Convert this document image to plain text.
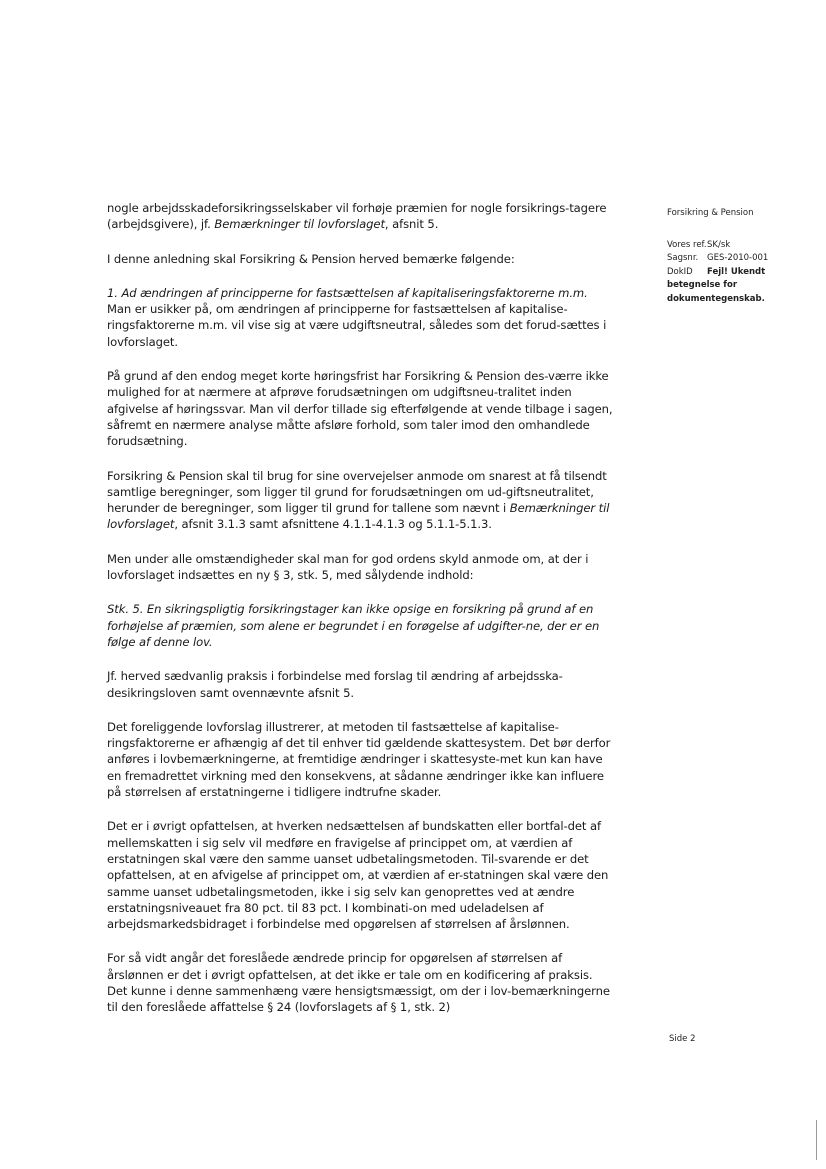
nogle arbejdsskadeforsikringsselskaber vil forhøje præmien for nogle forsikrings-tagere (arbejdsgivere), jf. Bemærkninger til lovforslaget, afsnit 5.

I denne anledning skal Forsikring & Pension herved bemærke følgende:

1. Ad ændringen af principperne for fastsættelsen af kapitaliseringsfaktorerne m.m.

Man er usikker på, om ændringen af principperne for fastsættelsen af kapitalise-ringsfaktorerne m.m. vil vise sig at være udgiftsneutral, således som det forud-sættes i lovforslaget.

På grund af den endog meget korte høringsfrist har Forsikring & Pension des-værre ikke mulighed for at nærmere at afprøve forudsætningen om udgiftsneu-tralitet inden afgivelse af høringssvar. Man vil derfor tillade sig efterfølgende at vende tilbage i sagen, såfremt en nærmere analyse måtte afsløre forhold, som taler imod den omhandlede forudsætning.

Forsikring & Pension skal til brug for sine overvejelser anmode om snarest at få tilsendt samtlige beregninger, som ligger til grund for forudsætningen om ud-giftsneutralitet, herunder de beregninger, som ligger til grund for tallene som nævnt i Bemærkninger til lovforslaget, afsnit 3.1.3 samt afsnittene 4.1.1-4.1.3 og 5.1.1-5.1.3.

Men under alle omstændigheder skal man for god ordens skyld anmode om, at der i lovforslaget indsættes en ny § 3, stk. 5, med sålydende indhold:

Stk. 5. En sikringspligtig forsikringstager kan ikke opsige en forsikring på grund af en forhøjelse af præmien, som alene er begrundet i en forøgelse af udgifter-ne, der er en følge af denne lov.

Jf. herved sædvanlig praksis i forbindelse med forslag til ændring af arbejdsska-desikringsloven samt ovennævnte afsnit 5.

Det foreliggende lovforslag illustrerer, at metoden til fastsættelse af kapitalise-ringsfaktorerne er afhængig af det til enhver tid gældende skattesystem. Det bør derfor anføres i lovbemærkningerne, at fremtidige ændringer i skattesyste-met kun kan have en fremadrettet virkning med den konsekvens, at sådanne ændringer ikke kan influere på størrelsen af erstatningerne i tidligere indtrufne skader.

Det er i øvrigt opfattelsen, at hverken nedsættelsen af bundskatten eller bortfal-det af mellemskatten i sig selv vil medføre en fravigelse af princippet om, at værdien af erstatningen skal være den samme uanset udbetalingsmetoden. Til-svarende er det opfattelsen, at en afvigelse af princippet om, at værdien af er-statningen skal være den samme uanset udbetalingsmetoden, ikke i sig selv kan genoprettes ved at ændre erstatningsniveauet fra 80 pct. til 83 pct. I kombinati-on med udeladelsen af arbejdsmarkedsbidraget i forbindelse med opgørelsen af størrelsen af årslønnen.

For så vidt angår det foreslåede ændrede princip for opgørelsen af størrelsen af årslønnen er det i øvrigt opfattelsen, at det ikke er tale om en kodificering af praksis. Det kunne i denne sammenhæng være hensigtsmæssigt, om der i lov-bemærkningerne til den foreslåede affattelse § 24 (lovforslagets af § 1, stk. 2)

Forsikring & Pension
Vores ref. SK/sk
Sagsnr.	GES-2010-001
DokID	Fejl! Ukendt
betegnelse for dokumentegenskab.
Side 2
